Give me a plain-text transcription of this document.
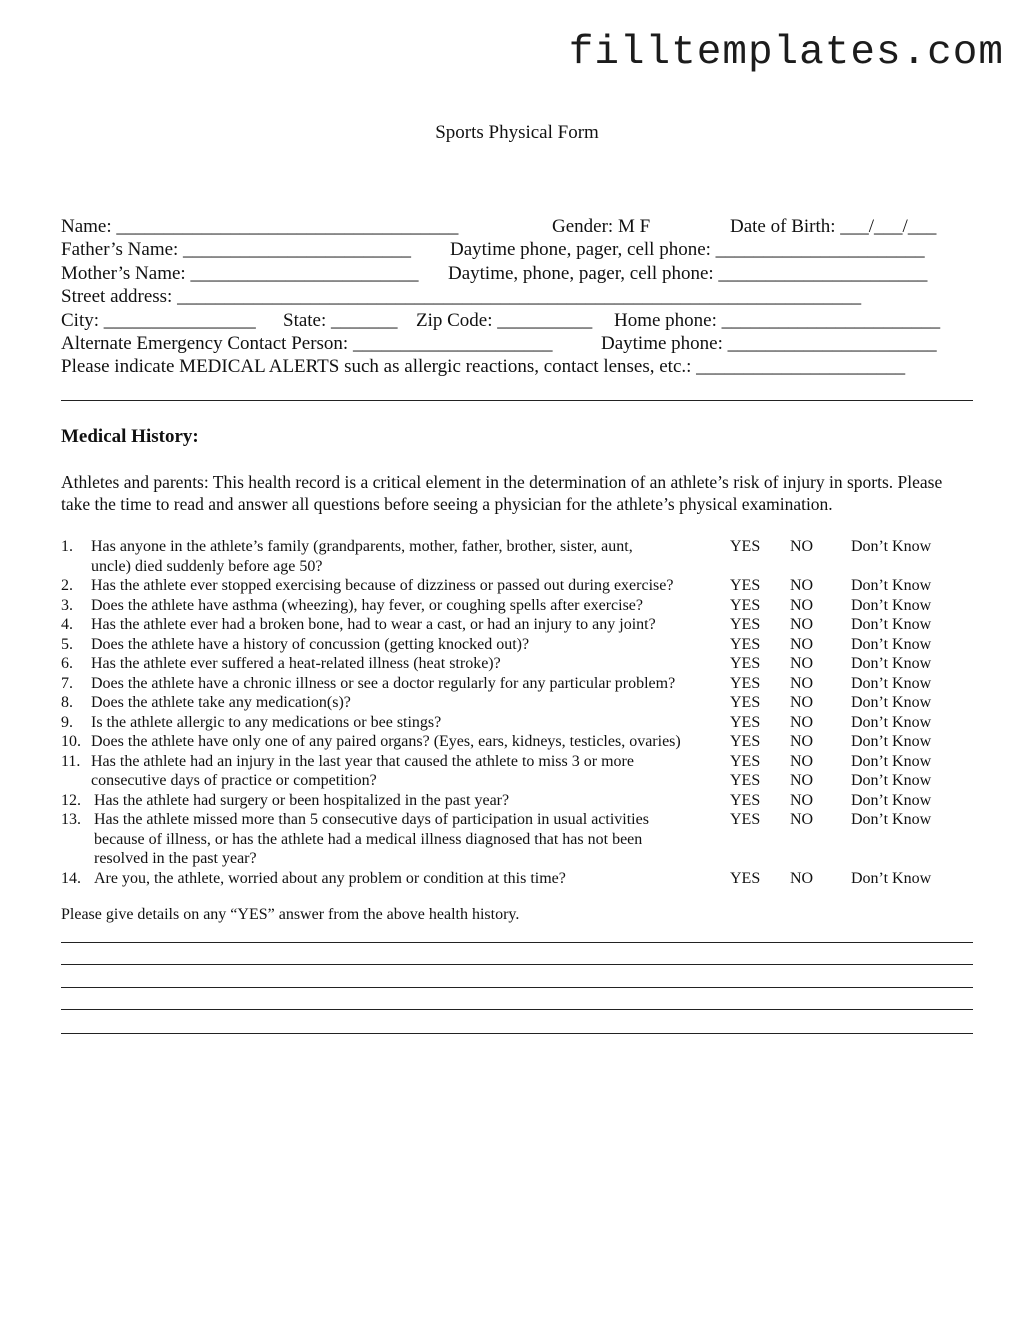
filltemplates.com
Sports Physical Form
Name: ____________________________________	Gender: M F	Date of Birth: ___/___/___
Father’s Name: ________________________ Daytime phone, pager, cell phone: ______________________
Mother’s Name: ________________________ Daytime, phone, pager, cell phone: ______________________
Street address: ________________________________________________________________________
City: ________________ State: _______ Zip Code: __________ Home phone: _______________________
Alternate Emergency Contact Person: _____________________	Daytime phone: ______________________
Please indicate MEDICAL ALERTS such as allergic reactions, contact lenses, etc.: ______________________
Medical History:
Athletes and parents: This health record is a critical element in the determination of an athlete’s risk of injury in sports. Please take the time to read and answer all questions before seeing a physician for the athlete’s physical examination.
1. Has anyone in the athlete’s family (grandparents, mother, father, brother, sister, aunt,	YES NO Don’t Know
uncle) died suddenly before age 50?
2. Has the athlete ever stopped exercising because of dizziness or passed out during exercise?	YES NO Don’t Know
3. Does the athlete have asthma (wheezing), hay fever, or coughing spells after exercise?	YES NO Don’t Know
4. Has the athlete ever had a broken bone, had to wear a cast, or had an injury to any joint?	YES NO Don’t Know
5. Does the athlete have a history of concussion (getting knocked out)?	YES NO Don’t Know
6. Has the athlete ever suffered a heat-related illness (heat stroke)?	YES NO Don’t Know
7. Does the athlete have a chronic illness or see a doctor regularly for any particular problem?	YES NO Don’t Know
8. Does the athlete take any medication(s)?	YES NO Don’t Know
9. Is the athlete allergic to any medications or bee stings?	YES NO Don’t Know
10. Does the athlete have only one of any paired organs? (Eyes, ears, kidneys, testicles, ovaries)	YES NO Don’t Know
11. Has the athlete had an injury in the last year that caused the athlete to miss 3 or more	YES NO Don’t Know
consecutive days of practice or competition?	YES NO Don’t Know
12. Has the athlete had surgery or been hospitalized in the past year?	YES NO Don’t Know
13. Has the athlete missed more than 5 consecutive days of participation in usual activities	YES NO Don’t Know
because of illness, or has the athlete had a medical illness diagnosed that has not been
resolved in the past year?
14. Are you, the athlete, worried about any problem or condition at this time?	YES NO Don’t Know
Please give details on any “YES” answer from the above health history.
